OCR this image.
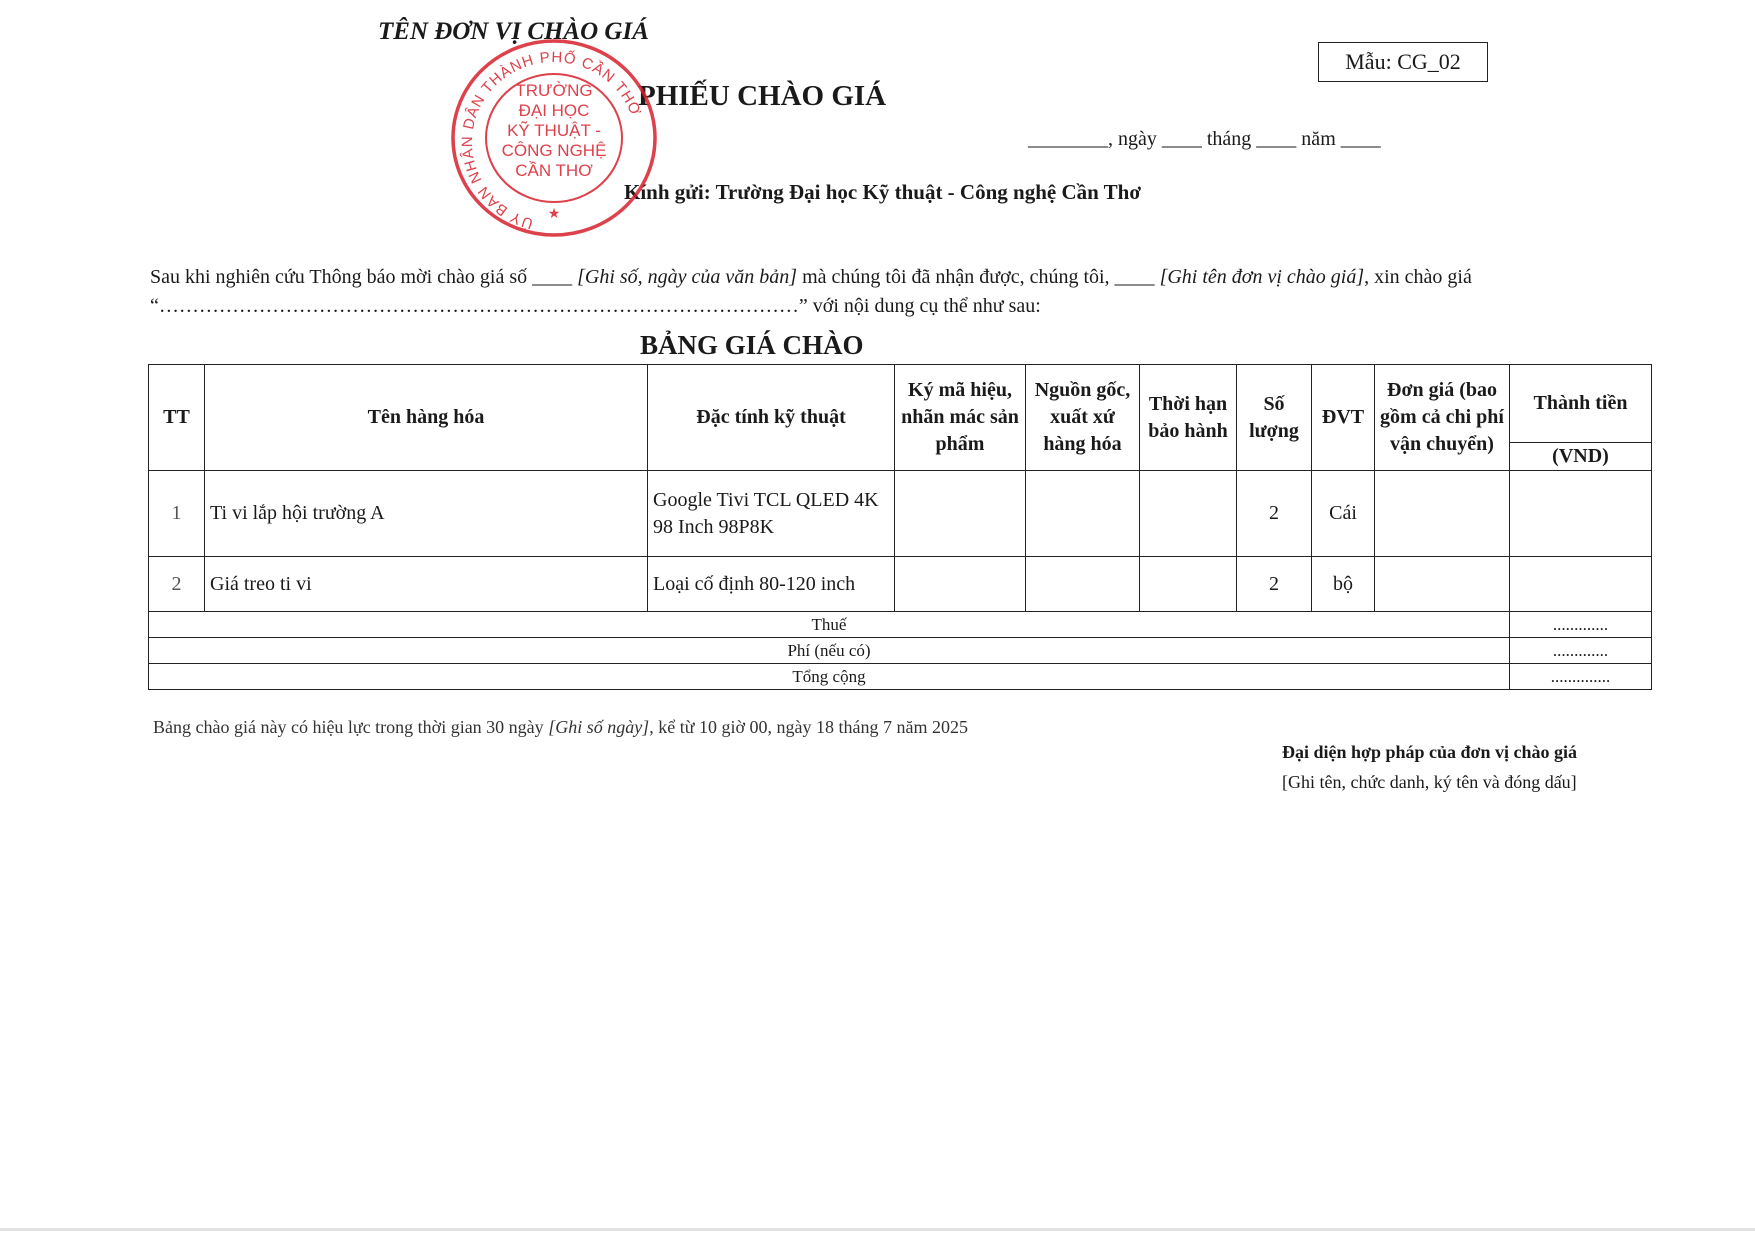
TÊN ĐƠN VỊ CHÀO GIÁ
Mẫu: CG_02
PHIẾU CHÀO GIÁ
________, ngày ____ tháng ____ năm ____
Kính gửi: Trường Đại học Kỹ thuật - Công nghệ Cần Thơ
ỦY BAN NHÂN DÂN THÀNH PHỐ CẦN THƠ
TRƯỜNG
ĐẠI HỌC
KỸ THUẬT -
CÔNG NGHỆ
CẦN THƠ
★
Sau khi nghiên cứu Thông báo mời chào giá số ____ [Ghi số, ngày của văn bản] mà chúng tôi đã nhận được, chúng tôi, ____ [Ghi tên đơn vị chào giá], xin chào giá
“……………………………………………………………………………………” với nội dung cụ thể như sau:
BẢNG GIÁ CHÀO
TT	Tên hàng hóa	Đặc tính kỹ thuật	Ký mã hiệu, nhãn mác sản phẩm	Nguồn gốc, xuất xứ hàng hóa	Thời hạn bảo hành	Số lượng	ĐVT	Đơn giá (bao gồm cả chi phí vận chuyển)	Thành tiền
									(VND)
1	Ti vi lắp hội trường A	Google Tivi TCL QLED 4K 98 Inch 98P8K				2	Cái		
2	Giá treo ti vi	Loại cố định 80-120 inch				2	bộ		
Thuế									.............
Phí (nếu có)									.............
Tổng cộng									..............
Bảng chào giá này có hiệu lực trong thời gian 30 ngày [Ghi số ngày], kể từ 10 giờ 00, ngày 18 tháng 7 năm 2025
Đại diện hợp pháp của đơn vị chào giá
[Ghi tên, chức danh, ký tên và đóng dấu]
